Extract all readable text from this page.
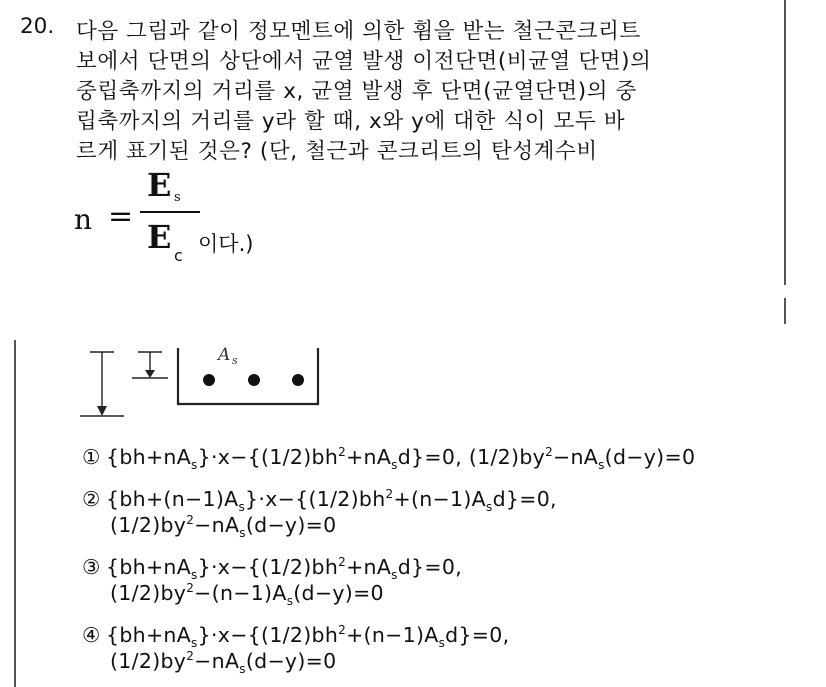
20. 다음 그림과 같이 정모멘트에 의한 휨을 받는 철근콘크리트
보에서 단면의 상단에서 균열 발생 이전단면(비균열 단면)의
중립축까지의 거리를 x, 균열 발생 후 단면(균열단면)의 중
립축까지의 거리를 y라 할 때, x와 y에 대한 식이 모두 바
르게 표기된 것은? (단, 철근과 콘크리트의 탄성계수비
n =
E s
E c 이다.)
A s
① $\{bh+nA_s\}\cdot x-\{(1/2)bh^2+nA_sd\}=0$, $(1/2)by^2-nA_s(d-y)=0$
② $\{bh+(n-1)A_s\}\cdot x-\{(1/2)bh^2+(n-1)A_sd\}=0$,
$(1/2)by^2-nA_s(d-y)=0$
③ $\{bh+nA_s\}\cdot x-\{(1/2)bh^2+nA_sd\}=0$,
$(1/2)by^2-(n-1)A_s(d-y)=0$
④ $\{bh+nA_s\}\cdot x-\{(1/2)bh^2+(n-1)A_sd\}=0$,
$(1/2)by^2-nA_s(d-y)=0$
